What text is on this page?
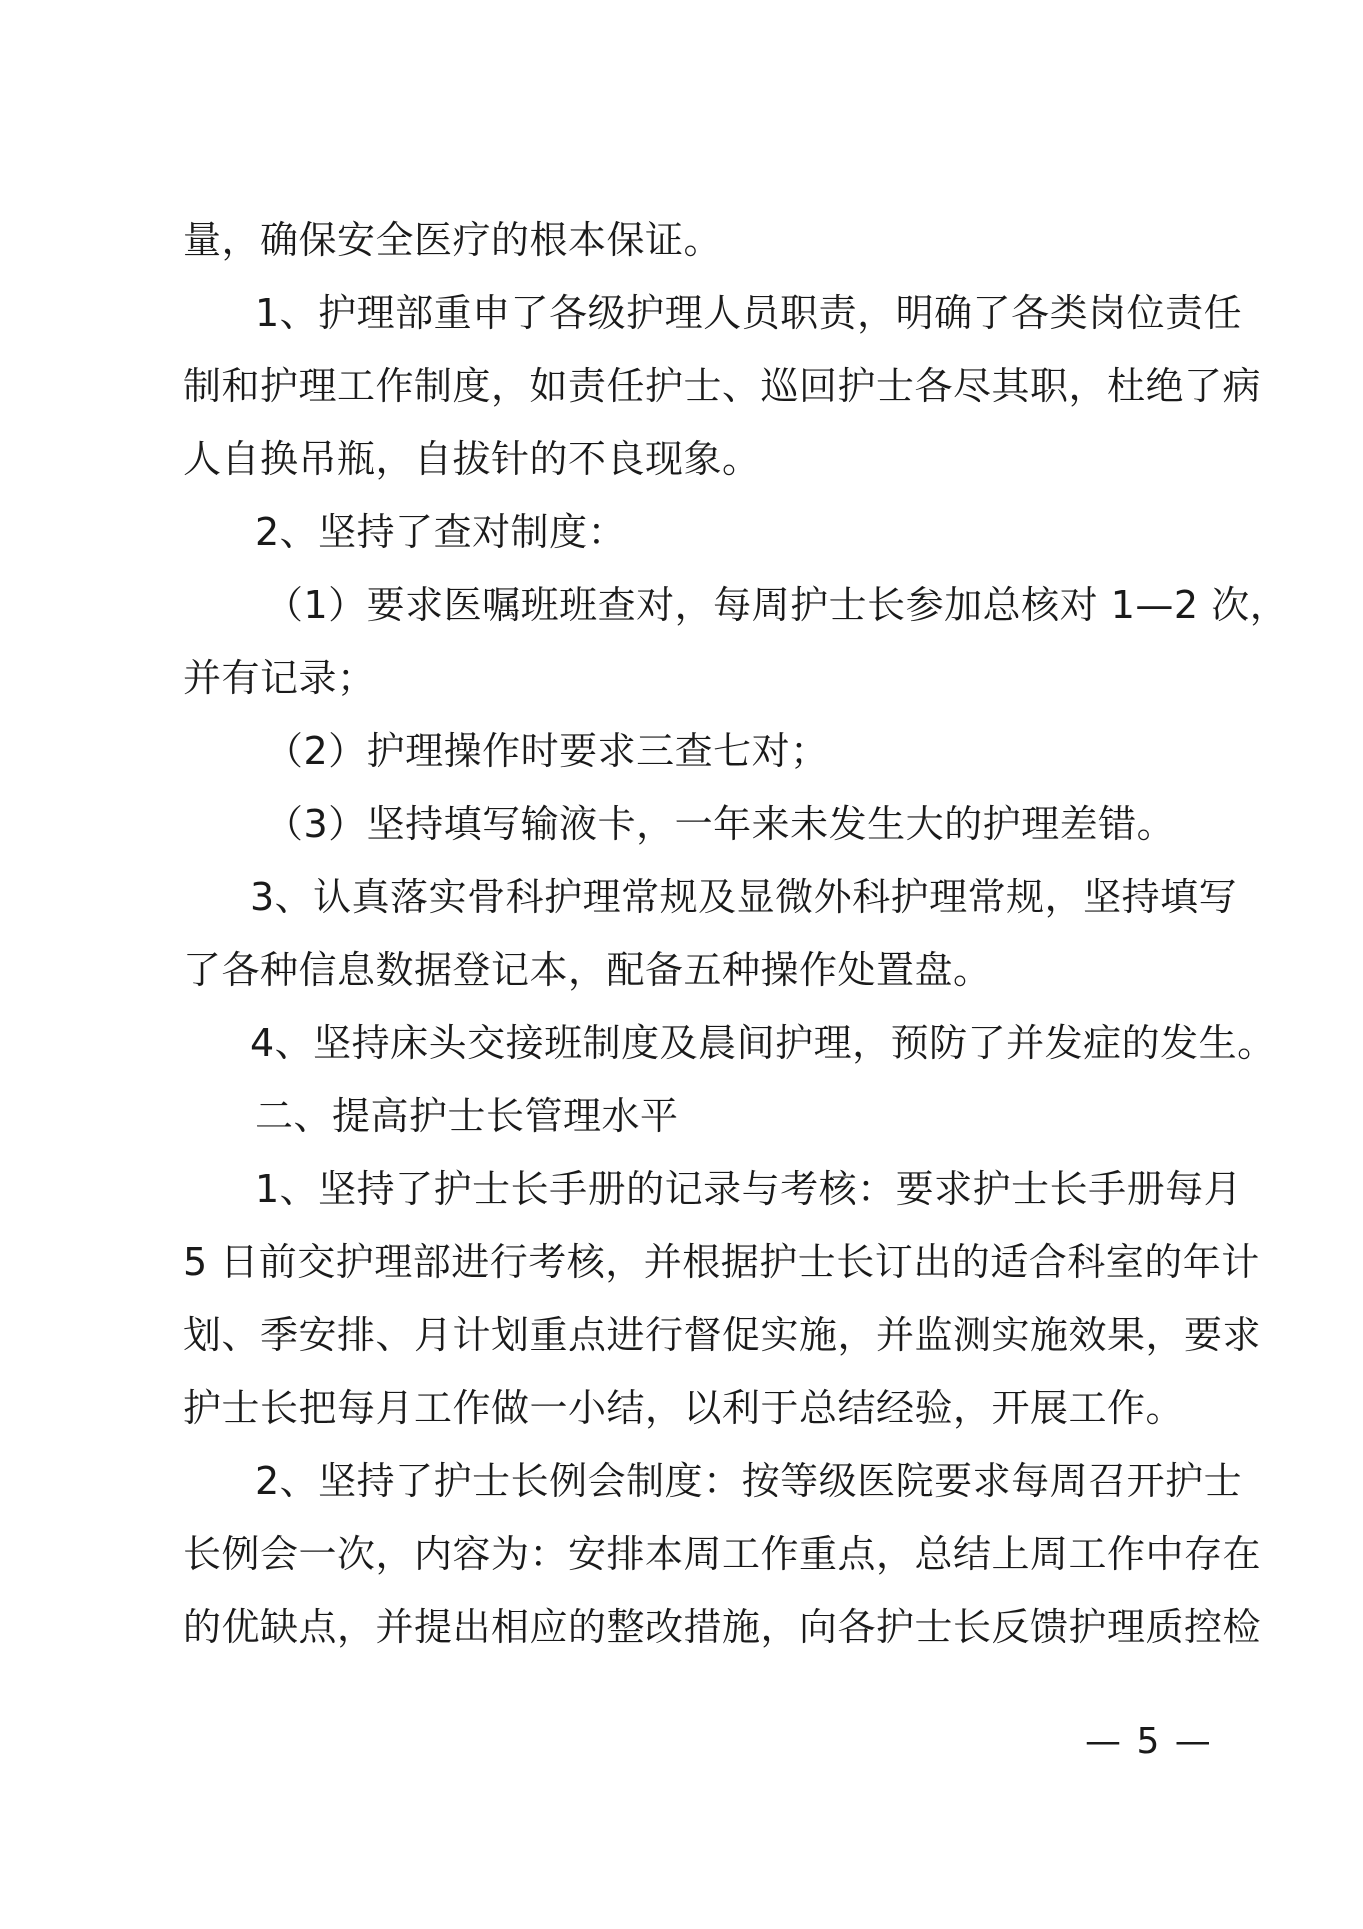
量，确保安全医疗的根本保证。
1、护理部重申了各级护理人员职责，明确了各类岗位责任
制和护理工作制度，如责任护士、巡回护士各尽其职，杜绝了病
人自换吊瓶，自拔针的不良现象。
2、坚持了查对制度：
（1）要求医嘱班班查对，每周护士长参加总核对 1—2 次，
并有记录；
（2）护理操作时要求三查七对；
（3）坚持填写输液卡，一年来未发生大的护理差错。
3、认真落实骨科护理常规及显微外科护理常规，坚持填写
了各种信息数据登记本，配备五种操作处置盘。
4、坚持床头交接班制度及晨间护理，预防了并发症的发生。
二、提高护士长管理水平
1、坚持了护士长手册的记录与考核：要求护士长手册每月
5 日前交护理部进行考核，并根据护士长订出的适合科室的年计
划、季安排、月计划重点进行督促实施，并监测实施效果，要求
护士长把每月工作做一小结，以利于总结经验，开展工作。
2、坚持了护士长例会制度：按等级医院要求每周召开护士
长例会一次，内容为：安排本周工作重点，总结上周工作中存在
的优缺点，并提出相应的整改措施，向各护士长反馈护理质控检
— 5 —
